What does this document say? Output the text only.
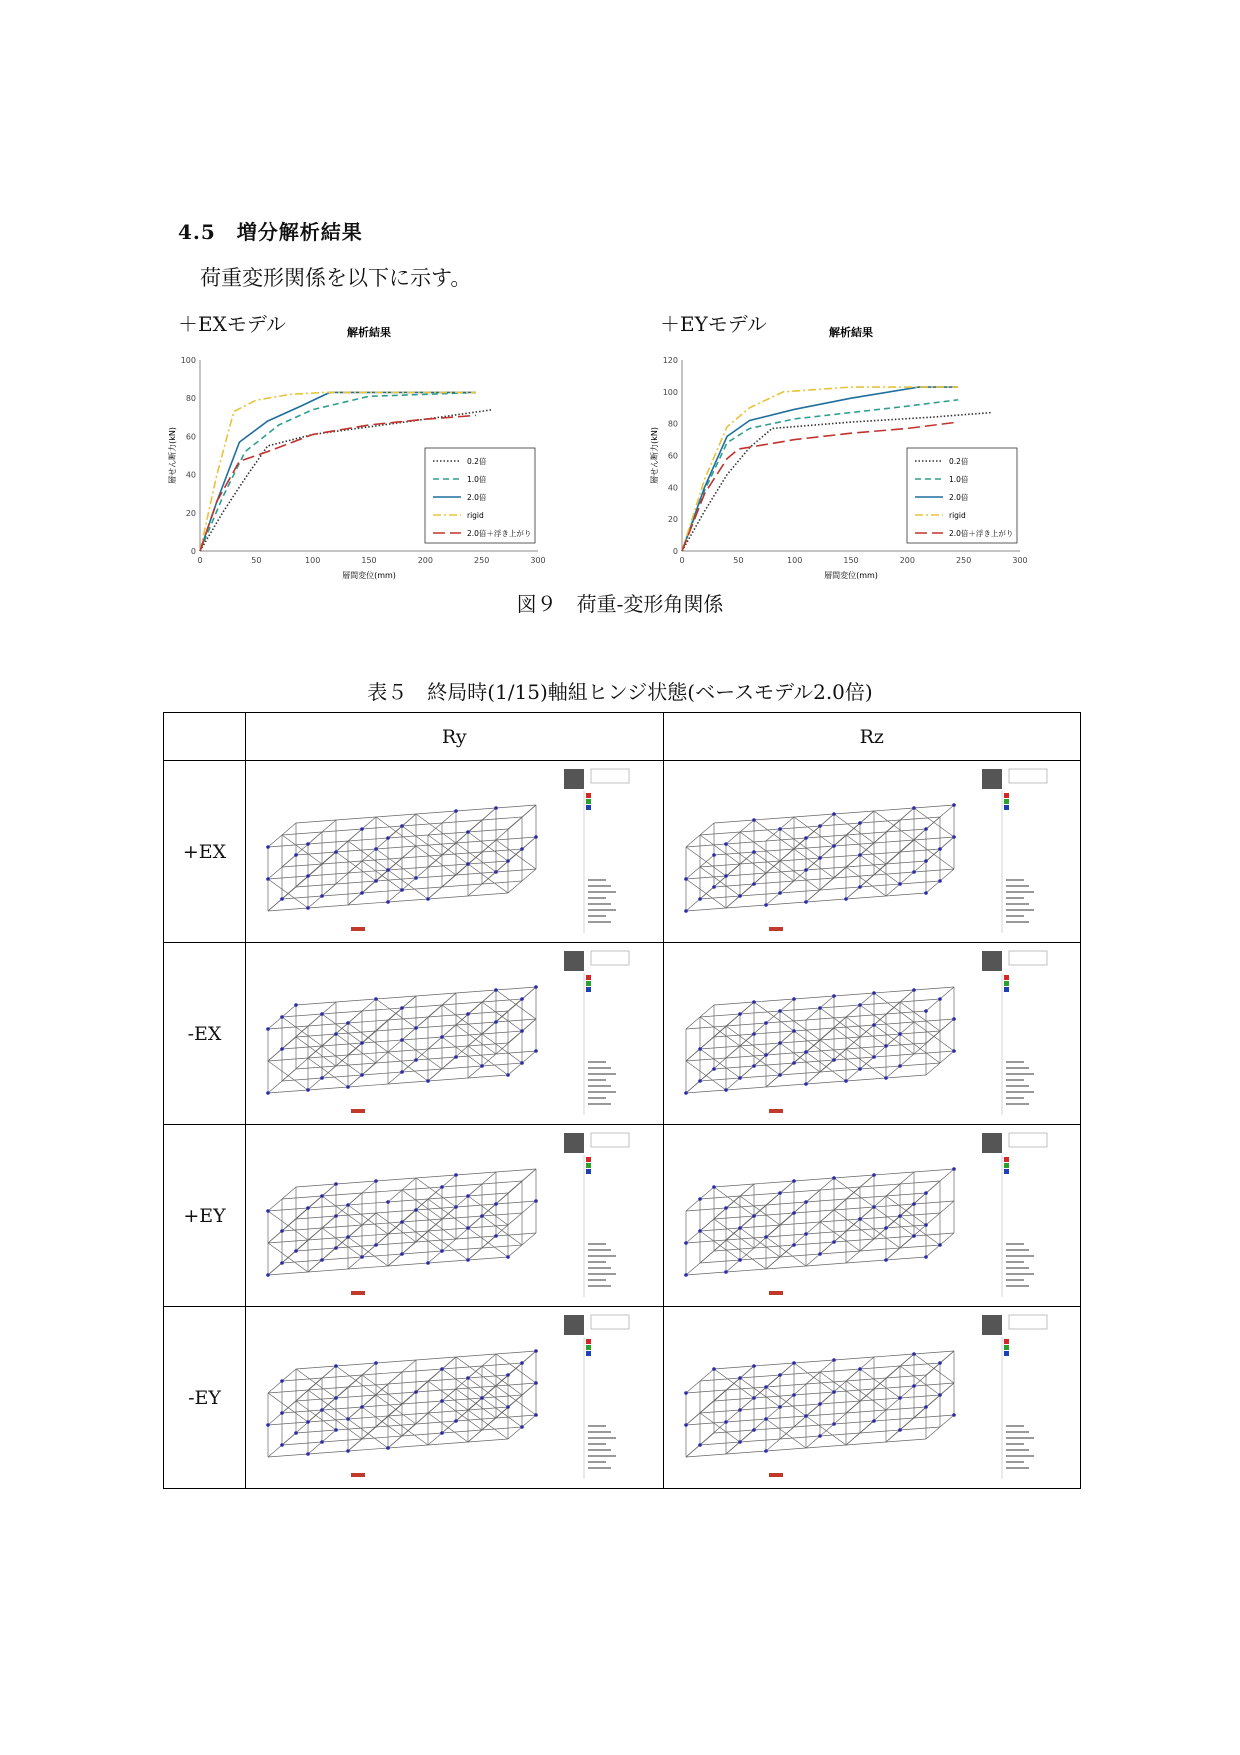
4.5　増分解析結果
荷重変形関係を以下に示す。
＋EXモデル	解析結果
0
20
40
60
80
100
0	50	100	150	200	250	300
層間変位(mm)
層せん断力(kN)	0.2倍
1.0倍
2.0倍
rigid
2.0倍＋浮き上がり
＋EYモデル	解析結果
0
20
40
60
80
100
120
0	50	100	150	200	250	300
層間変位(mm)
層せん断力(kN)	0.2倍
1.0倍
2.0倍
rigid
2.0倍＋浮き上がり
図９　荷重-変形角関係
表５　終局時(1/15)軸組ヒンジ状態(ベースモデル2.0倍)
	Ry	Rz
+EX	

-EX	

+EY	

-EY	
